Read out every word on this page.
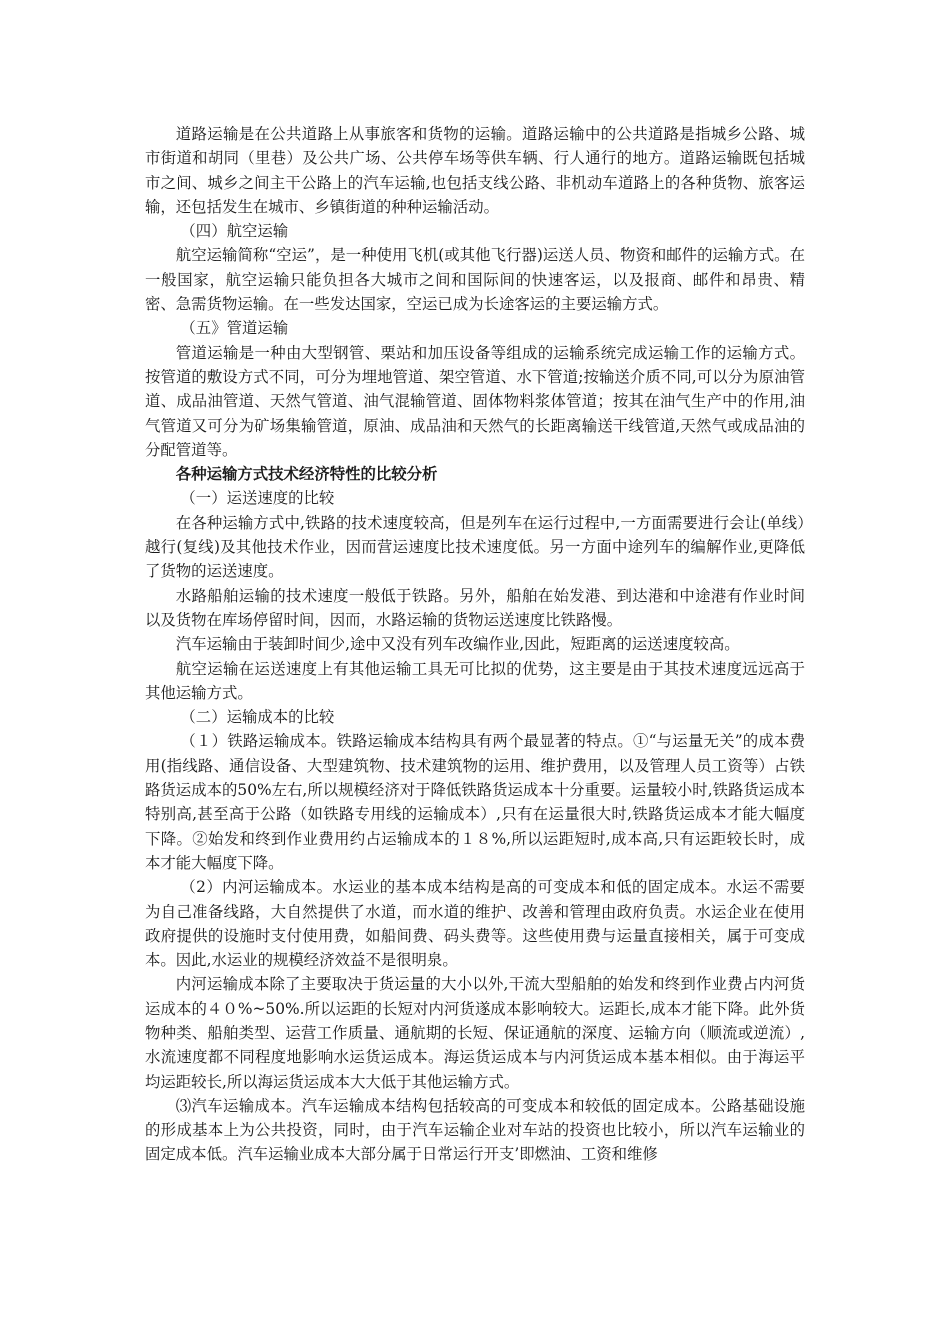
道路运输是在公共道路上从事旅客和货物的运输。道路运输中的公共道路是指城乡公路、城市街道和胡同（里巷）及公共广场、公共停车场等供车辆、行人通行的地方。道路运输既包括城市之间、城乡之间主干公路上的汽车运输,也包括支线公路、非机动车道路上的各种货物、旅客运输，还包括发生在城市、乡镇街道的种种运输活动。

（四）航空运输

航空运输简称“空运”，是一种使用飞机(或其他飞行器)运送人员、物资和邮件的运输方式。在一般国家，航空运输只能负担各大城市之间和国际间的快速客运，以及报商、邮件和昂贵、精密、急需货物运输。在一些发达国家，空运已成为长途客运的主要运输方式。

（五》管道运输

管道运输是一种由大型钢管、栗站和加压设备等组成的运输系统完成运输工作的运输方式。按管道的敷设方式不同，可分为埋地管道、架空管道、水下管道;按输送介质不同,可以分为原油管道、成品油管道、天然气管道、油气混输管道、固体物料浆体管道；按其在油气生产中的作用,油气管道又可分为矿场集输管道，原油、成品油和天然气的长距离输送干线管道,天然气或成品油的分配管道等。

各种运输方式技术经济特性的比较分析

（一）运送速度的比较

在各种运输方式中,铁路的技术速度较高，但是列车在运行过程中,一方面需要进行会让(单线）越行(复线)及其他技术作业，因而营运速度比技术速度低。另一方面中途列车的编解作业,更降低了货物的运送速度。

水路船舶运输的技术速度一般低于铁路。另外，船舶在始发港、到达港和中途港有作业时间以及货物在库场停留时间，因而，水路运输的货物运送速度比铁路慢。

汽车运输由于装卸时间少,途中又没有列车改编作业,因此，短距离的运送速度较高。

航空运输在运送速度上有其他运输工具无可比拟的优势，这主要是由于其技术速度远远高于其他运输方式。

（二）运输成本的比较

（１）铁路运输成本。铁路运输成本结构具有两个最显著的特点。①“与运量无关”的成本费用(指线路、通信设备、大型建筑物、技术建筑物的运用、维护费用，以及管理人员工资等）占铁路货运成本的50%左右,所以规模经济对于降低铁路货运成本十分重要。运量较小时,铁路货运成本特别高,甚至高于公路（如铁路专用线的运输成本）,只有在运量很大时,铁路货运成本才能大幅度下降。②始发和终到作业费用约占运输成本的１８%,所以运距短时,成本高,只有运距较长时，成本才能大幅度下降。

（2）内河运输成本。水运业的基本成本结构是高的可变成本和低的固定成本。水运不需要为自己准备线路，大自然提供了水道，而水道的维护、改善和管理由政府负责。水运企业在使用政府提供的设施时支付使用费，如船间费、码头费等。这些使用费与运量直接相关，属于可变成本。因此,水运业的规模经济效益不是很明泉。

内河运输成本除了主要取决于货运量的大小以外,干流大型船舶的始发和终到作业费占内河货运成本的４０%~50%.所以运距的长短对内河货遂成本影响较大。运距长,成本才能下降。此外货物种类、船舶类型、运营工作质量、通航期的长短、保证通航的深度、运输方向（顺流或逆流）,水流速度都不同程度地影响水运货运成本。海运货运成本与内河货运成本基本相似。由于海运平均运距较长,所以海运货运成本大大低于其他运输方式。

⑶汽车运输成本。汽车运输成本结构包括较高的可变成本和较低的固定成本。公路基础设施的形成基本上为公共投资，同时，由于汽车运输企业对车站的投资也比较小，所以汽车运输业的固定成本低。汽车运输业成本大部分属于日常运行开支’即燃油、工资和维修
